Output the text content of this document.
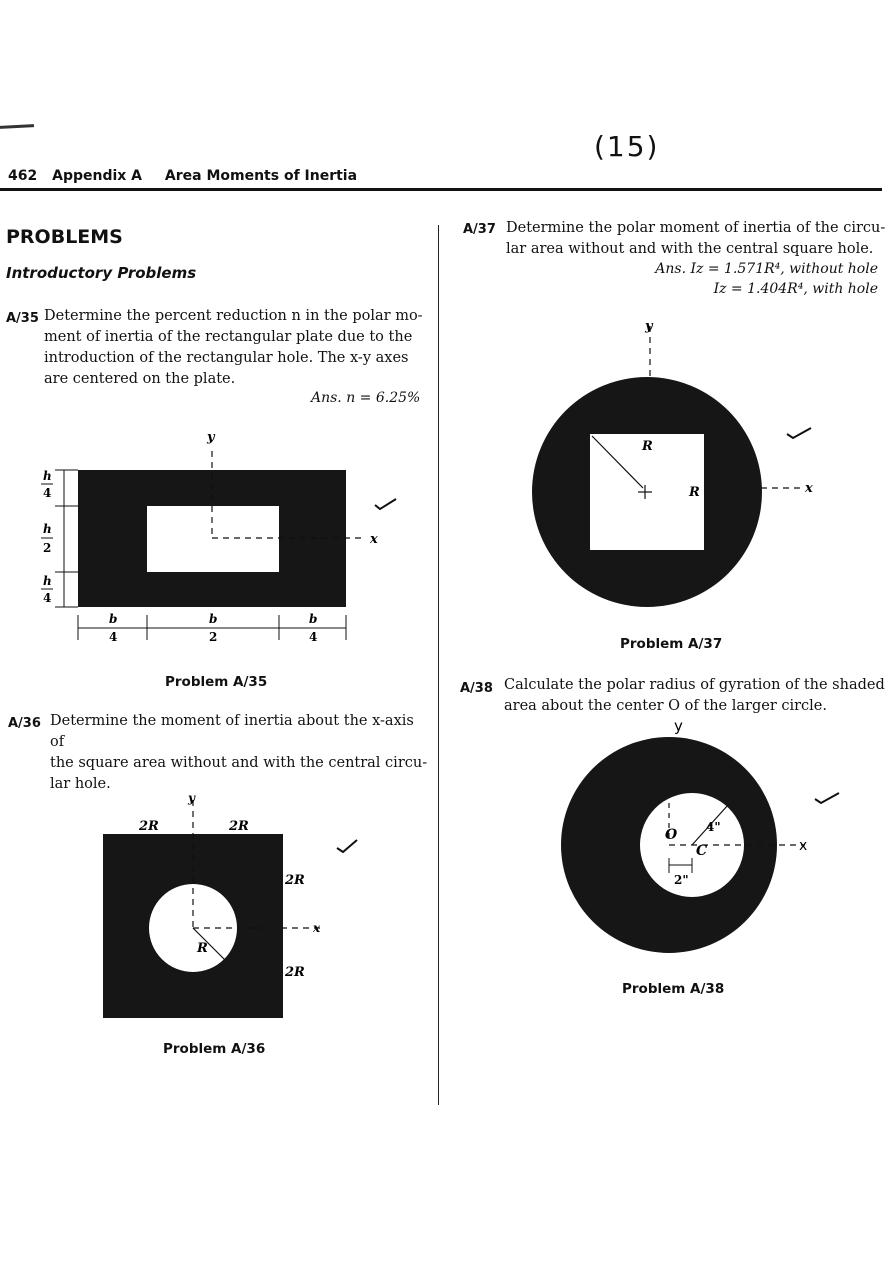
(15)
462 Appendix A Area Moments of Inertia
PROBLEMS
Introductory Problems
A/35 Determine the percent reduction n in the polar mo-
ment of inertia of the rectangular plate due to the
introduction of the rectangular hole. The x-y axes
are centered on the plate.
Ans. n = 6.25%
y
x
h
4
h
2
h
4
b
4
b
2
b
4
Problem A/35
A/36 Determine the moment of inertia about the x-axis of
the square area without and with the central circu-
lar hole.
y
x
2R	2R
2R
2R
R
Problem A/36
A/37 Determine the polar moment of inertia of the circu-
lar area without and with the central square hole.
Ans. Iz = 1.571R⁴, without hole
Iz = 1.404R⁴, with hole
y
x
R
R
Problem A/37
A/38 Calculate the polar radius of gyration of the shaded
area about the center O of the larger circle.
y
x
O
C
4"
2"
Problem A/38
